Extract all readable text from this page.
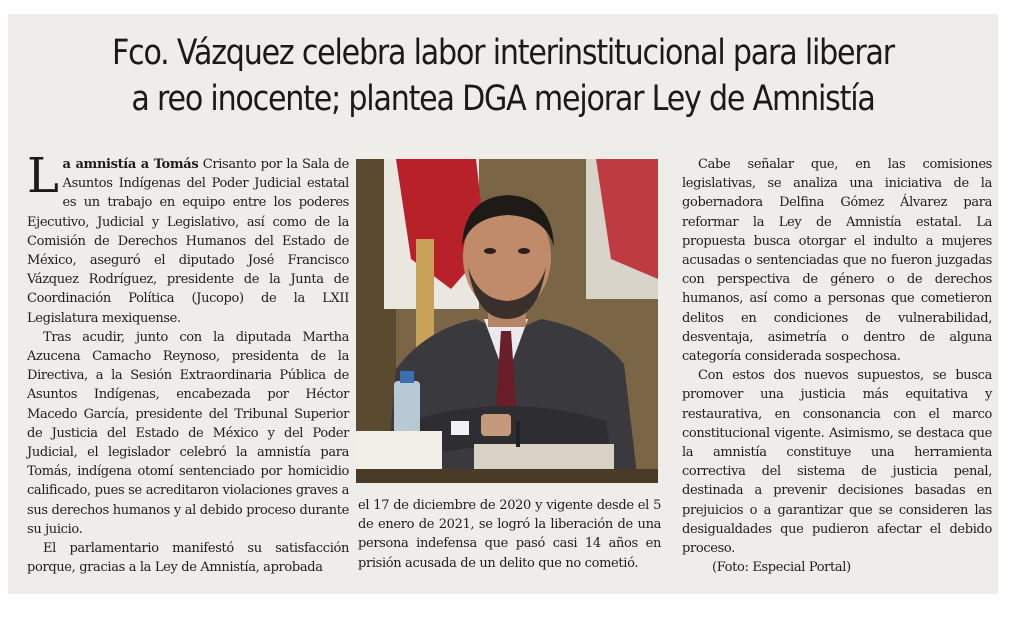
Fco. Vázquez celebra labor interinstitucional para liberar
a reo inocente; plantea DGA mejorar Ley de Amnistía

La amnistía a Tomás Crisanto por la Sala de Asuntos Indígenas del Poder Judicial estatal es un trabajo en equipo entre los poderes Ejecutivo, Judicial y Legislativo, así como de la Comisión de Derechos Humanos del Estado de México, aseguró el diputado José Francisco Vázquez Rodríguez, presidente de la Junta de Coordinación Política (Jucopo) de la LXII Legislatura mexiquense.

Tras acudir, junto con la diputada Martha Azucena Camacho Reynoso, presidenta de la Directiva, a la Sesión Extraordinaria Pública de Asuntos Indígenas, encabezada por Héctor Macedo García, presidente del Tribunal Superior de Justicia del Estado de México y del Poder Judicial, el legislador celebró la amnistía para Tomás, indígena otomí sentenciado por homicidio calificado, pues se acreditaron violaciones graves a sus derechos humanos y al debido proceso durante su juicio.

El parlamentario manifestó su satisfacción porque, gracias a la Ley de Amnistía, aprobada

el 17 de diciembre de 2020 y vigente desde el 5 de enero de 2021, se logró la liberación de una persona indefensa que pasó casi 14 años en prisión acusada de un delito que no cometió.

Cabe señalar que, en las comisiones legislativas, se analiza una iniciativa de la gobernadora Delfina Gómez Álvarez para reformar la Ley de Amnistía estatal. La propuesta busca otorgar el indulto a mujeres acusadas o sentenciadas que no fueron juzgadas con perspectiva de género o de derechos humanos, así como a personas que cometieron delitos en condiciones de vulnerabilidad, desventaja, asimetría o dentro de alguna categoría considerada sospechosa.

Con estos dos nuevos supuestos, se busca promover una justicia más equitativa y restaurativa, en consonancia con el marco constitucional vigente. Asimismo, se destaca que la amnistía constituye una herramienta correctiva del sistema de justicia penal, destinada a prevenir decisiones basadas en prejuicios o a garantizar que se consideren las desigualdades que pudieron afectar el debido proceso.

(Foto: Especial Portal)
